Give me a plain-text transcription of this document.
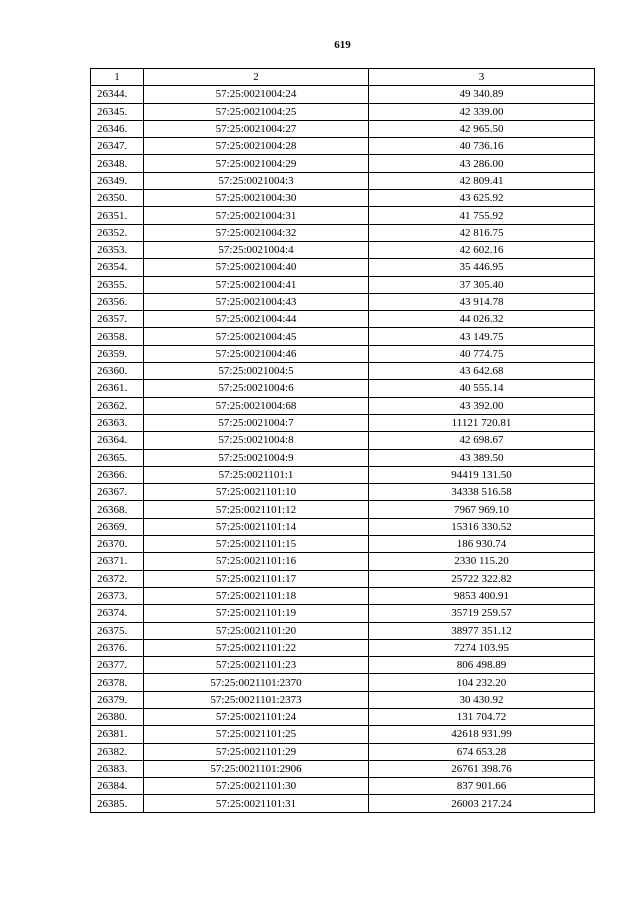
619
1	2	3
26344.	57:25:0021004:24	49 340.89
26345.	57:25:0021004:25	42 339.00
26346.	57:25:0021004:27	42 965.50
26347.	57:25:0021004:28	40 736.16
26348.	57:25:0021004:29	43 286.00
26349.	57:25:0021004:3	42 809.41
26350.	57:25:0021004:30	43 625.92
26351.	57:25:0021004:31	41 755.92
26352.	57:25:0021004:32	42 816.75
26353.	57:25:0021004:4	42 602.16
26354.	57:25:0021004:40	35 446.95
26355.	57:25:0021004:41	37 305.40
26356.	57:25:0021004:43	43 914.78
26357.	57:25:0021004:44	44 026.32
26358.	57:25:0021004:45	43 149.75
26359.	57:25:0021004:46	40 774.75
26360.	57:25:0021004:5	43 642.68
26361.	57:25:0021004:6	40 555.14
26362.	57:25:0021004:68	43 392.00
26363.	57:25:0021004:7	11121 720.81
26364.	57:25:0021004:8	42 698.67
26365.	57:25:0021004:9	43 389.50
26366.	57:25:0021101:1	94419 131.50
26367.	57:25:0021101:10	34338 516.58
26368.	57:25:0021101:12	7967 969.10
26369.	57:25:0021101:14	15316 330.52
26370.	57:25:0021101:15	186 930.74
26371.	57:25:0021101:16	2330 115.20
26372.	57:25:0021101:17	25722 322.82
26373.	57:25:0021101:18	9853 400.91
26374.	57:25:0021101:19	35719 259.57
26375.	57:25:0021101:20	38977 351.12
26376.	57:25:0021101:22	7274 103.95
26377.	57:25:0021101:23	806 498.89
26378.	57:25:0021101:2370	104 232.20
26379.	57:25:0021101:2373	30 430.92
26380.	57:25:0021101:24	131 704.72
26381.	57:25:0021101:25	42618 931.99
26382.	57:25:0021101:29	674 653.28
26383.	57:25:0021101:2906	26761 398.76
26384.	57:25:0021101:30	837 901.66
26385.	57:25:0021101:31	26003 217.24
